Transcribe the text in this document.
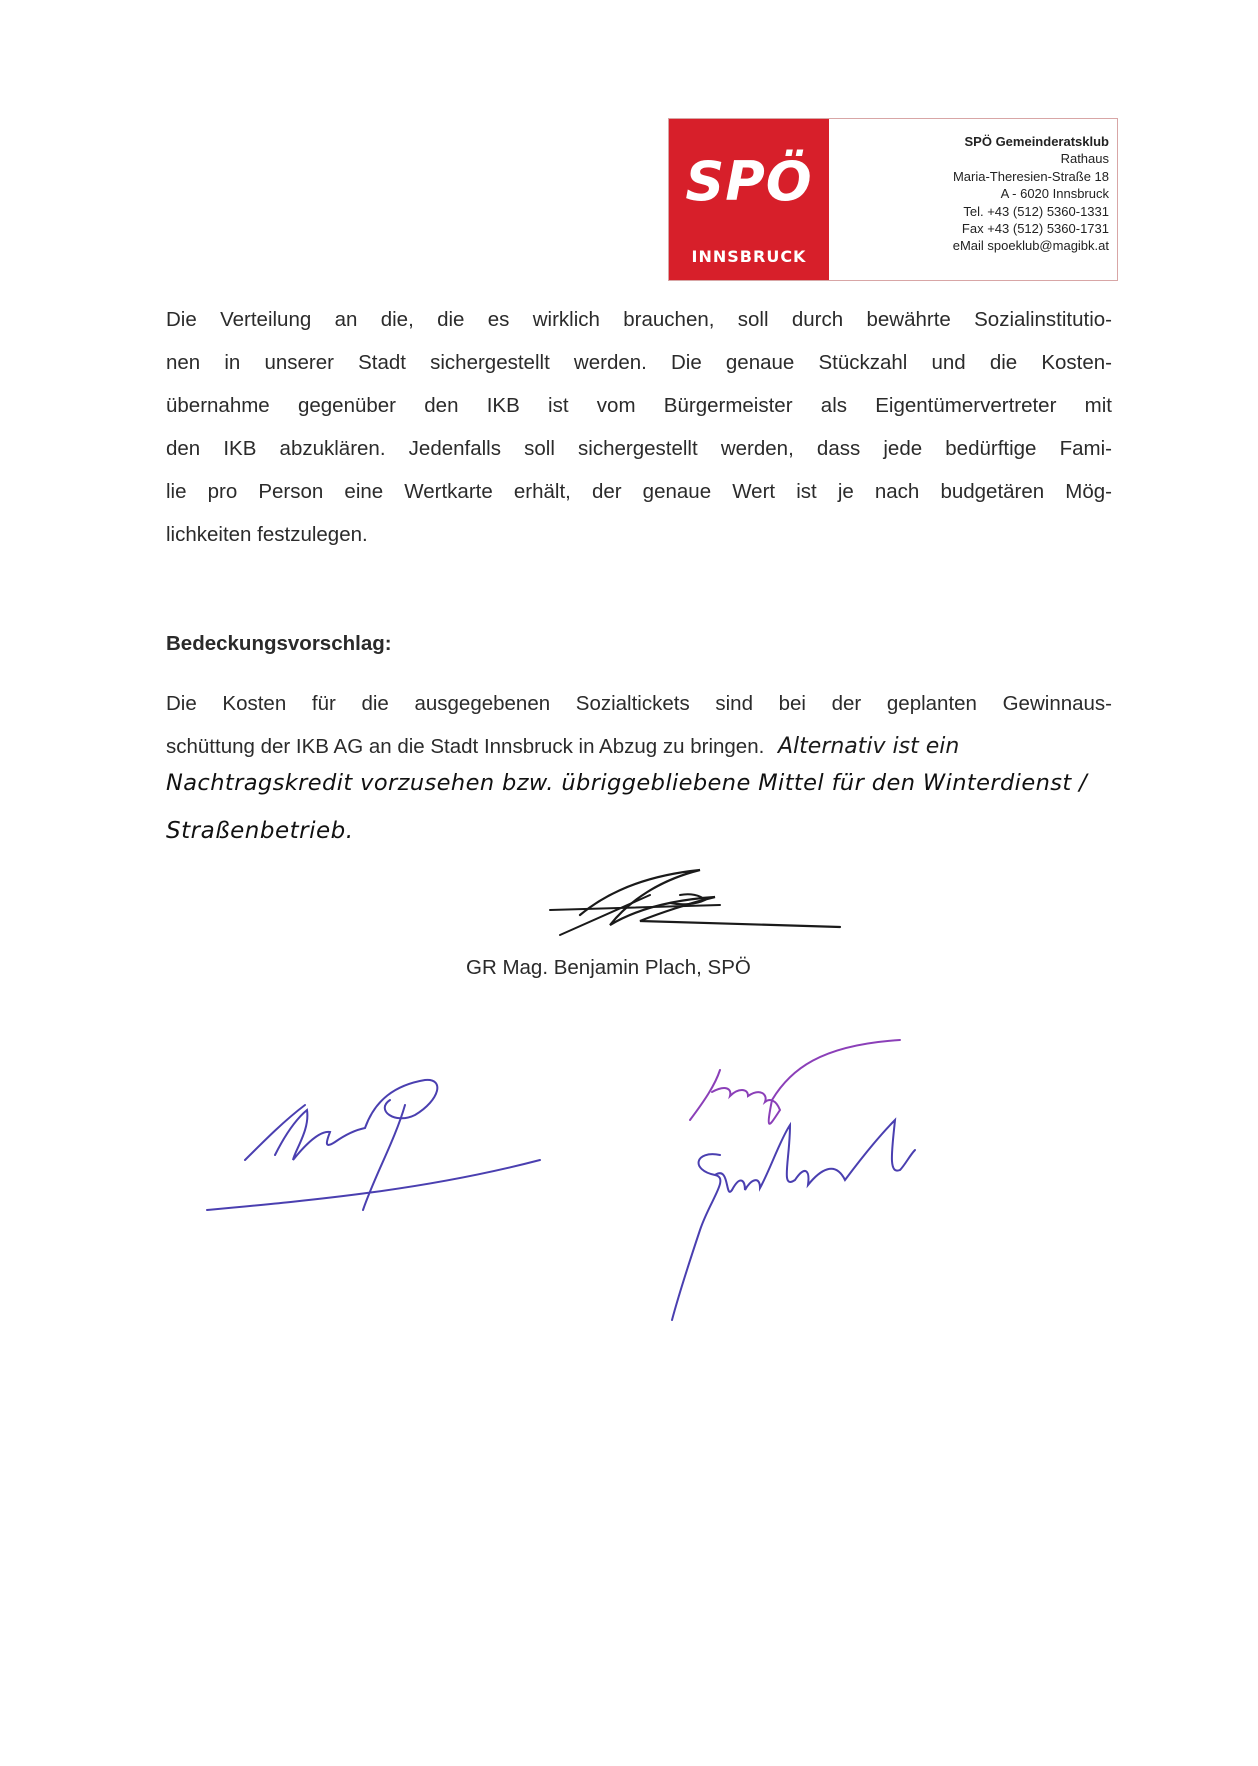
SPÖ
INNSBRUCK
SPÖ Gemeinderatsklub
Rathaus
Maria-Theresien-Straße 18
A - 6020 Innsbruck
Tel. +43 (512) 5360-1331
Fax +43 (512) 5360-1731
eMail spoeklub@magibk.at
Die Verteilung an die, die es wirklich brauchen, soll durch bewährte Sozialinstitutio-
nen in unserer Stadt sichergestellt werden. Die genaue Stückzahl und die Kosten-
übernahme gegenüber den IKB ist vom Bürgermeister als Eigentümervertreter mit
den IKB abzuklären. Jedenfalls soll sichergestellt werden, dass jede bedürftige Fami-
lie pro Person eine Wertkarte erhält, der genaue Wert ist je nach budgetären Mög-
lichkeiten festzulegen.
Bedeckungsvorschlag:
Die Kosten für die ausgegebenen Sozialtickets sind bei der geplanten Gewinnaus-
schüttung der IKB AG an die Stadt Innsbruck in Abzug zu bringen. Alternativ ist ein
Nachtragskredit vorzusehen bzw. übriggebliebene Mittel für den Winterdienst /
Straßenbetrieb.
GR Mag. Benjamin Plach, SPÖ
